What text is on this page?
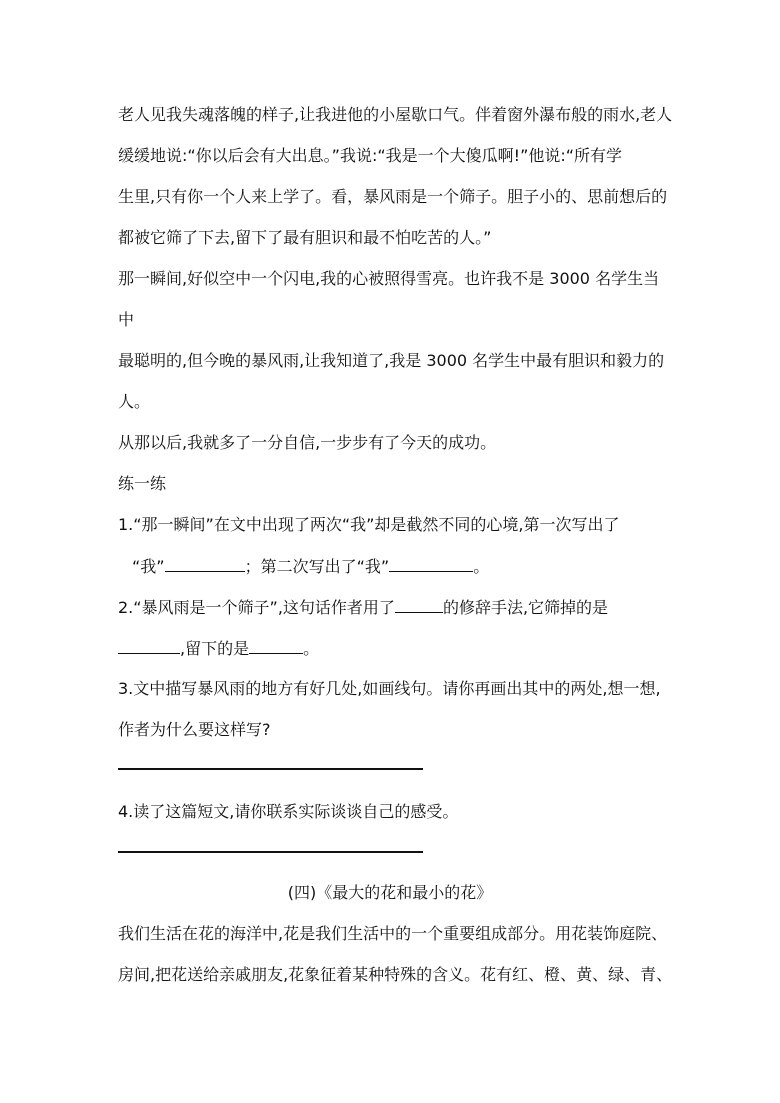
老人见我失魂落魄的样子,让我进他的小屋歇口气。伴着窗外瀑布般的雨水,老人
缓缓地说:“你以后会有大出息。”我说:“我是一个大傻瓜啊!”他说:“所有学
生里,只有你一个人来上学了。看，暴风雨是一个筛子。胆子小的、思前想后的
都被它筛了下去,留下了最有胆识和最不怕吃苦的人。”
那一瞬间,好似空中一个闪电,我的心被照得雪亮。也许我不是 3000 名学生当
中
最聪明的,但今晚的暴风雨,让我知道了,我是 3000 名学生中最有胆识和毅力的
人。
从那以后,我就多了一分自信,一步步有了今天的成功。
练一练
1.“那一瞬间”在文中出现了两次“我”却是截然不同的心境,第一次写出了
“我”	；第二次写出了“我”	。
2.“暴风雨是一个筛子”,这句话作者用了	的修辞手法,它筛掉的是
,留下的是	。
3.文中描写暴风雨的地方有好几处,如画线句。请你再画出其中的两处,想一想,
作者为什么要这样写?
4.读了这篇短文,请你联系实际谈谈自己的感受。
(四)《最大的花和最小的花》
我们生活在花的海洋中,花是我们生活中的一个重要组成部分。用花装饰庭院、
房间,把花送给亲戚朋友,花象征着某种特殊的含义。花有红、橙、黄、绿、青、
